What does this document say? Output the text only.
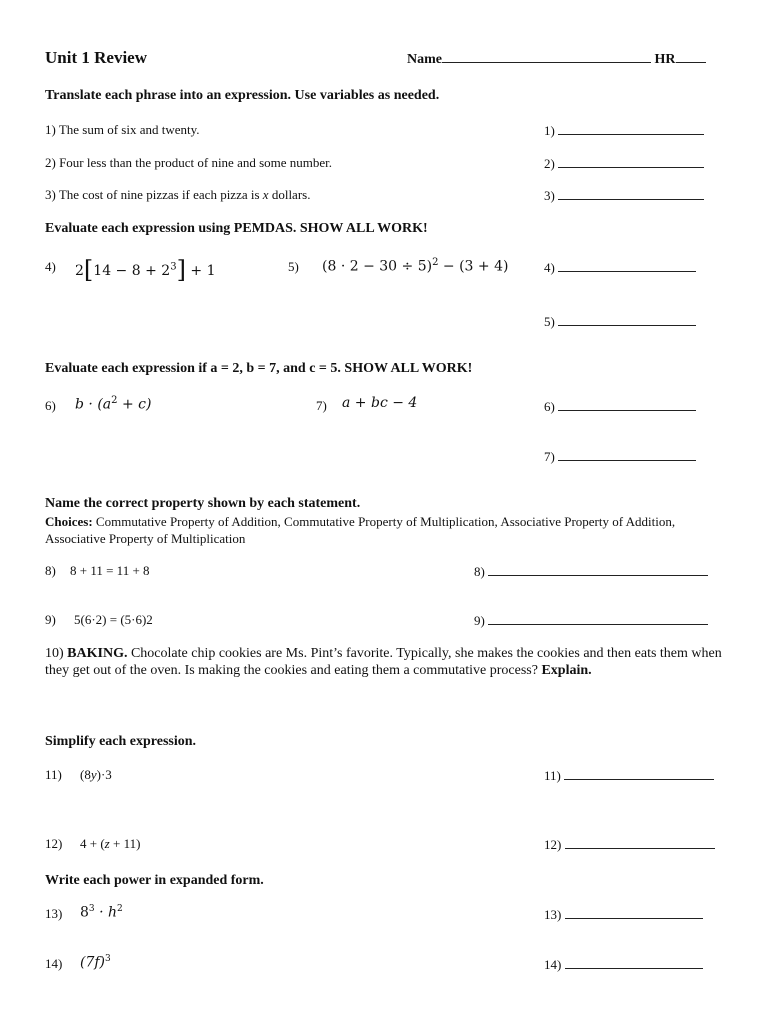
Unit 1 Review	Name	HR
Translate each phrase into an expression. Use variables as needed.
1) The sum of six and twenty.	1)
2) Four less than the product of nine and some number.	2)
3) The cost of nine pizzas if each pizza is x dollars.	3)
Evaluate each expression using PEMDAS. SHOW ALL WORK!
4) $2[14 - 8 + 2^3] + 1$	5) $(8 \cdot 2 - 30 \div 5)^2 - (3 + 4)$	4)
5)
Evaluate each expression if a = 2, b = 7, and c = 5. SHOW ALL WORK!
6) $b \cdot (a^2 + c)$	7) a + bc − 4	6)
7)
Name the correct property shown by each statement.
Choices: Commutative Property of Addition, Commutative Property of Multiplication, Associative Property of Addition, Associative Property of Multiplication
8) 8 + 11 = 11 + 8	8)
9) 5(6·2) = (5·6)2	9)
10) BAKING. Chocolate chip cookies are Ms. Pint’s favorite. Typically, she makes the cookies and then eats them when they get out of the oven. Is making the cookies and eating them a commutative process? Explain.
Simplify each expression.
11) (8y)·3	11)
12) 4 + (z + 11)	12)
Write each power in expanded form.
13) $8^3 \cdot h^2$	13)
14) $(7f)^3$	14)
